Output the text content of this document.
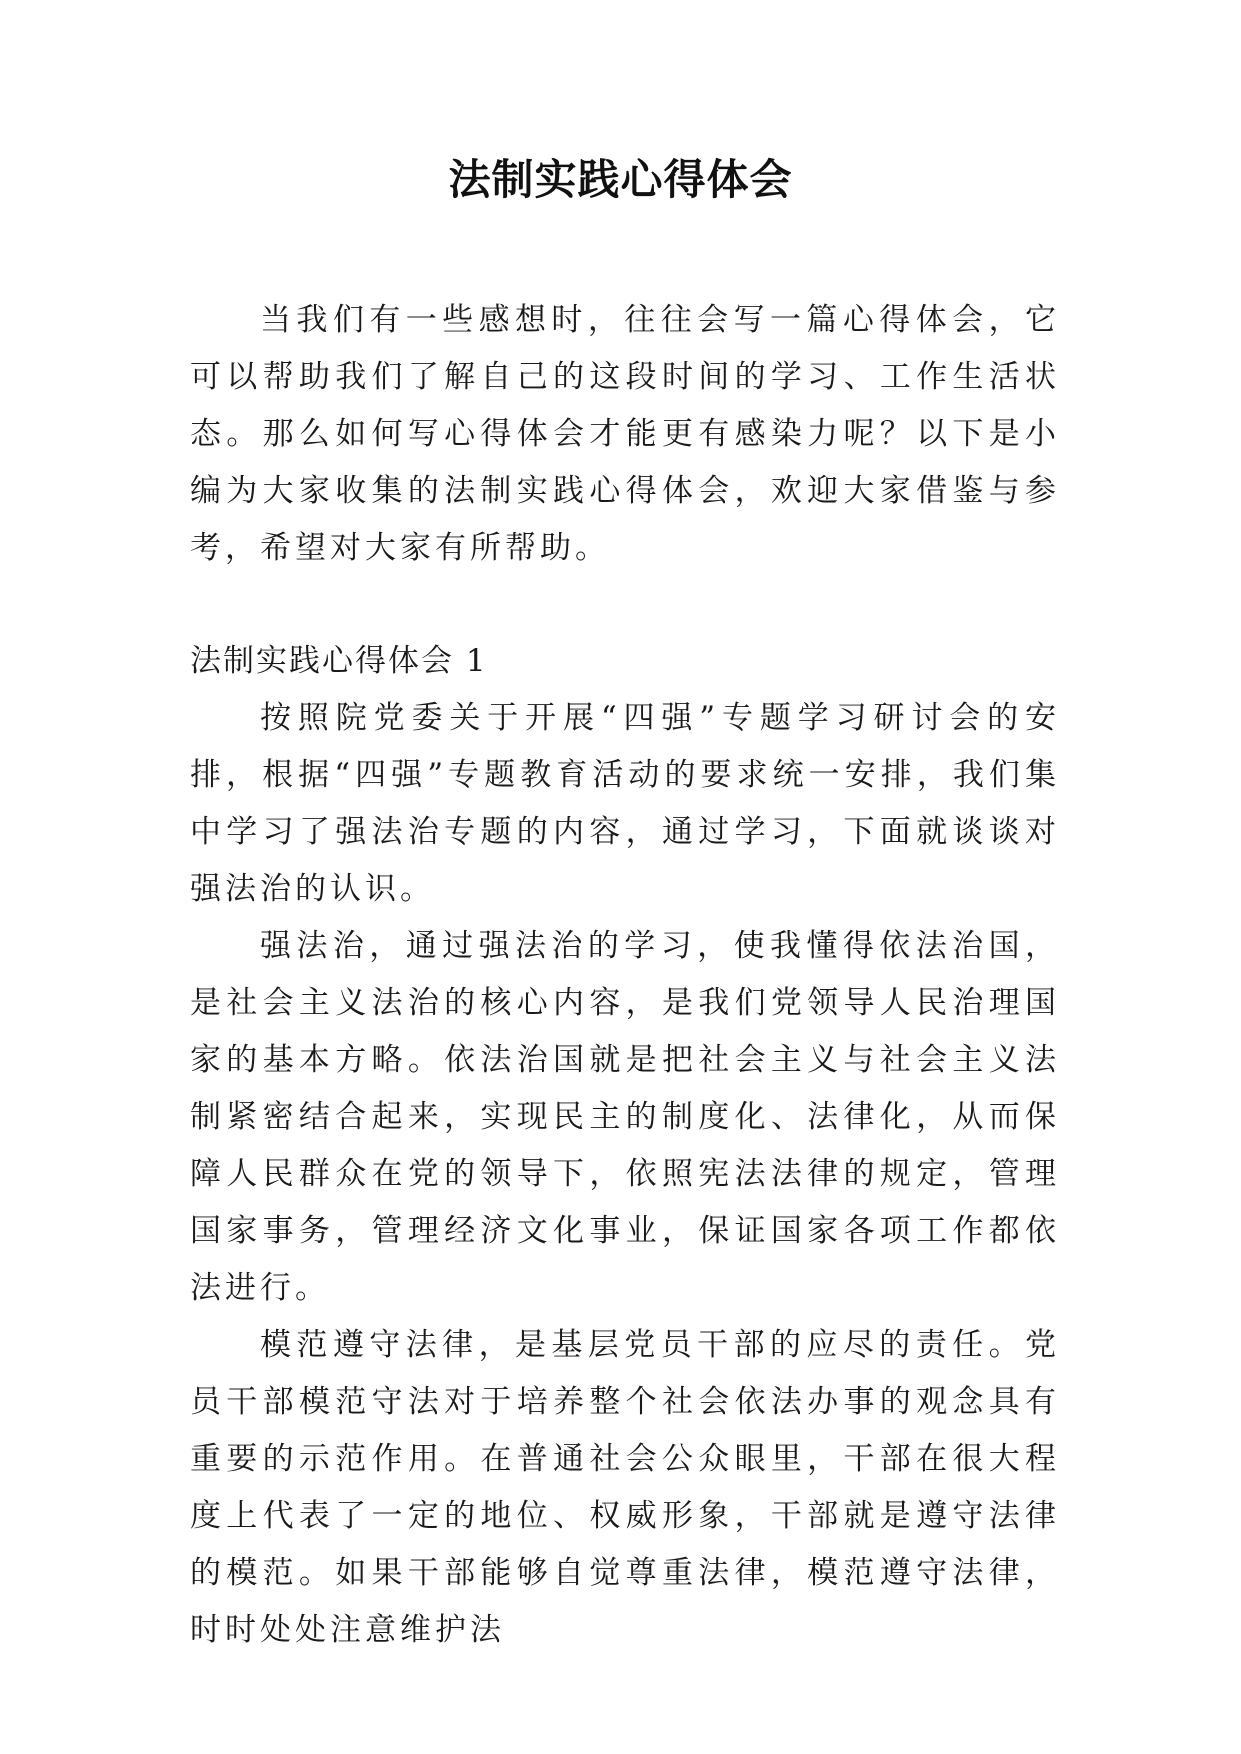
法制实践心得体会

当我们有一些感想时，往往会写一篇心得体会，它可以帮助我们了解自己的这段时间的学习、工作生活状态。那么如何写心得体会才能更有感染力呢？以下是小编为大家收集的法制实践心得体会，欢迎大家借鉴与参考，希望对大家有所帮助。

法制实践心得体会 1

按照院党委关于开展“四强”专题学习研讨会的安排，根据“四强”专题教育活动的要求统一安排，我们集中学习了强法治专题的内容，通过学习，下面就谈谈对强法治的认识。

强法治，通过强法治的学习，使我懂得依法治国，是社会主义法治的核心内容，是我们党领导人民治理国家的基本方略。依法治国就是把社会主义与社会主义法制紧密结合起来，实现民主的制度化、法律化，从而保障人民群众在党的领导下，依照宪法法律的规定，管理国家事务，管理经济文化事业，保证国家各项工作都依法进行。

模范遵守法律，是基层党员干部的应尽的责任。党员干部模范守法对于培养整个社会依法办事的观念具有重要的示范作用。在普通社会公众眼里，干部在很大程度上代表了一定的地位、权威形象，干部就是遵守法律的模范。如果干部能够自觉尊重法律，模范遵守法律，时时处处注意维护法
